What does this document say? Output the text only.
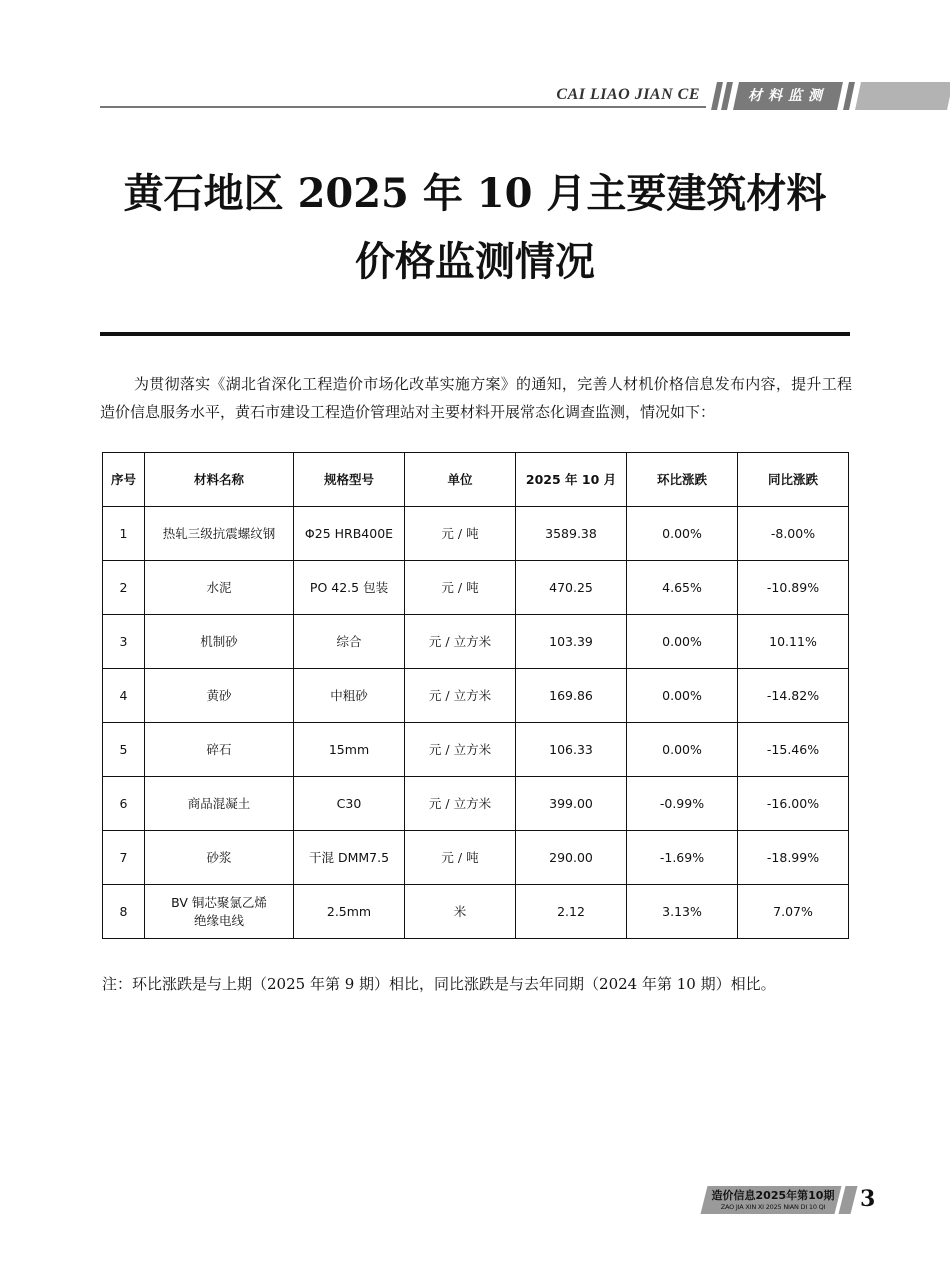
CAI LIAO JIAN CE	材料监测
黄石地区 2025 年 10 月主要建筑材料
价格监测情况
为贯彻落实《湖北省深化工程造价市场化改革实施方案》的通知，完善人材机价格信息发布内容，提升工程造价信息服务水平，黄石市建设工程造价管理站对主要材料开展常态化调查监测，情况如下：
序号	材料名称	规格型号	单位	2025 年 10 月	环比涨跌	同比涨跌
1	热轧三级抗震螺纹钢	Φ25 HRB400E	元 / 吨	3589.38	0.00%	-8.00%
2	水泥	PO 42.5 包装	元 / 吨	470.25	4.65%	-10.89%
3	机制砂	综合	元 / 立方米	103.39	0.00%	10.11%
4	黄砂	中粗砂	元 / 立方米	169.86	0.00%	-14.82%
5	碎石	15mm	元 / 立方米	106.33	0.00%	-15.46%
6	商品混凝土	C30	元 / 立方米	399.00	-0.99%	-16.00%
7	砂浆	干混 DMM7.5	元 / 吨	290.00	-1.69%	-18.99%
8	BV 铜芯聚氯乙烯绝缘电线	2.5mm	米	2.12	3.13%	7.07%
注：环比涨跌是与上期（2025 年第 9 期）相比，同比涨跌是与去年同期（2024 年第 10 期）相比。
造价信息2025年第10期
ZAO JIA XIN XI 2025 NIAN DI 10 QI	3
